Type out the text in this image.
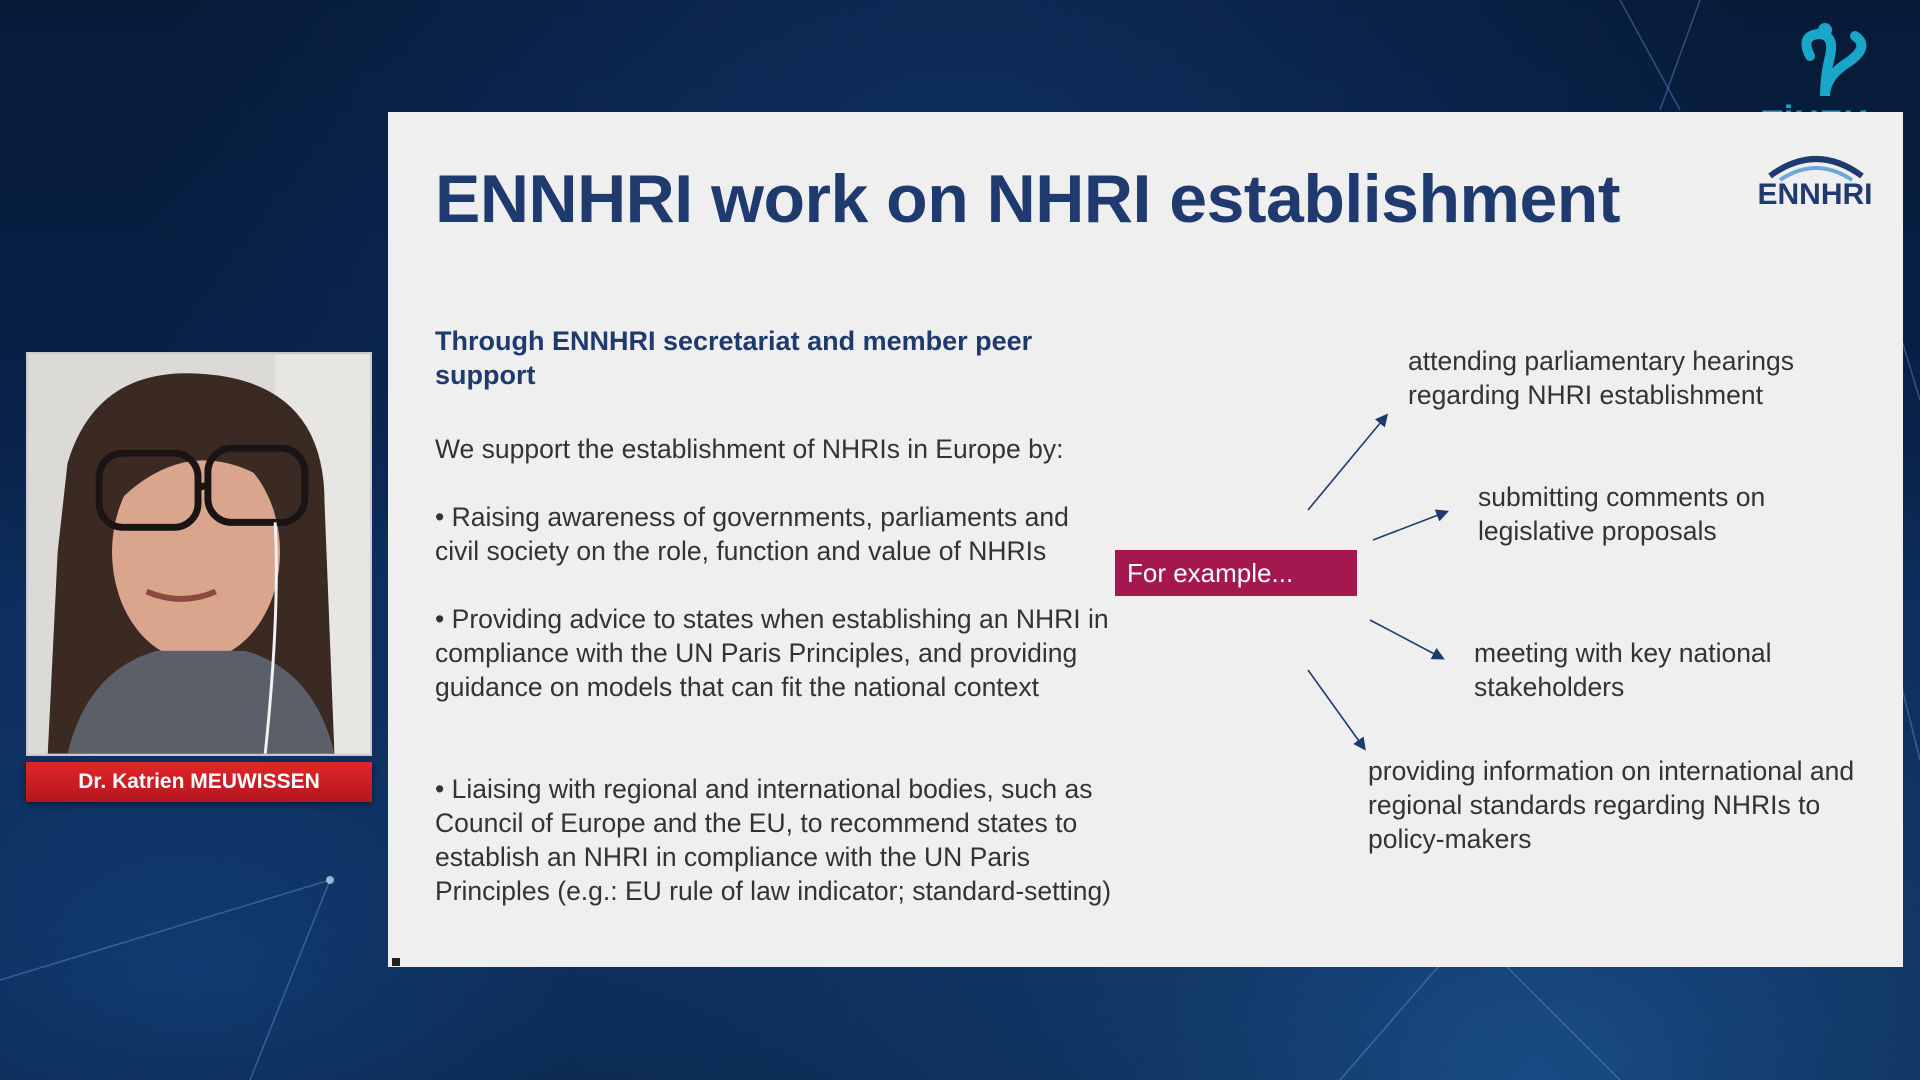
Dr. Katrien MEUWISSEN
ENNHRI work on NHRI establishment	ENNHRI

Through ENNHRI secretariat and member peer support

We support the establishment of NHRIs in Europe by:

• Raising awareness of governments, parliaments and civil society on the role, function and value of NHRIs

• Providing advice to states when establishing an NHRI in compliance with the UN Paris Principles, and providing guidance on models that can fit the national context

• Liaising with regional and international bodies, such as Council of Europe and the EU, to recommend states to establish an NHRI in compliance with the UN Paris Principles (e.g.: EU rule of law indicator; standard-setting)

For example...

attending parliamentary hearings regarding NHRI establishment

submitting comments on legislative proposals

meeting with key national stakeholders

providing information on international and regional standards regarding NHRIs to policy-makers
